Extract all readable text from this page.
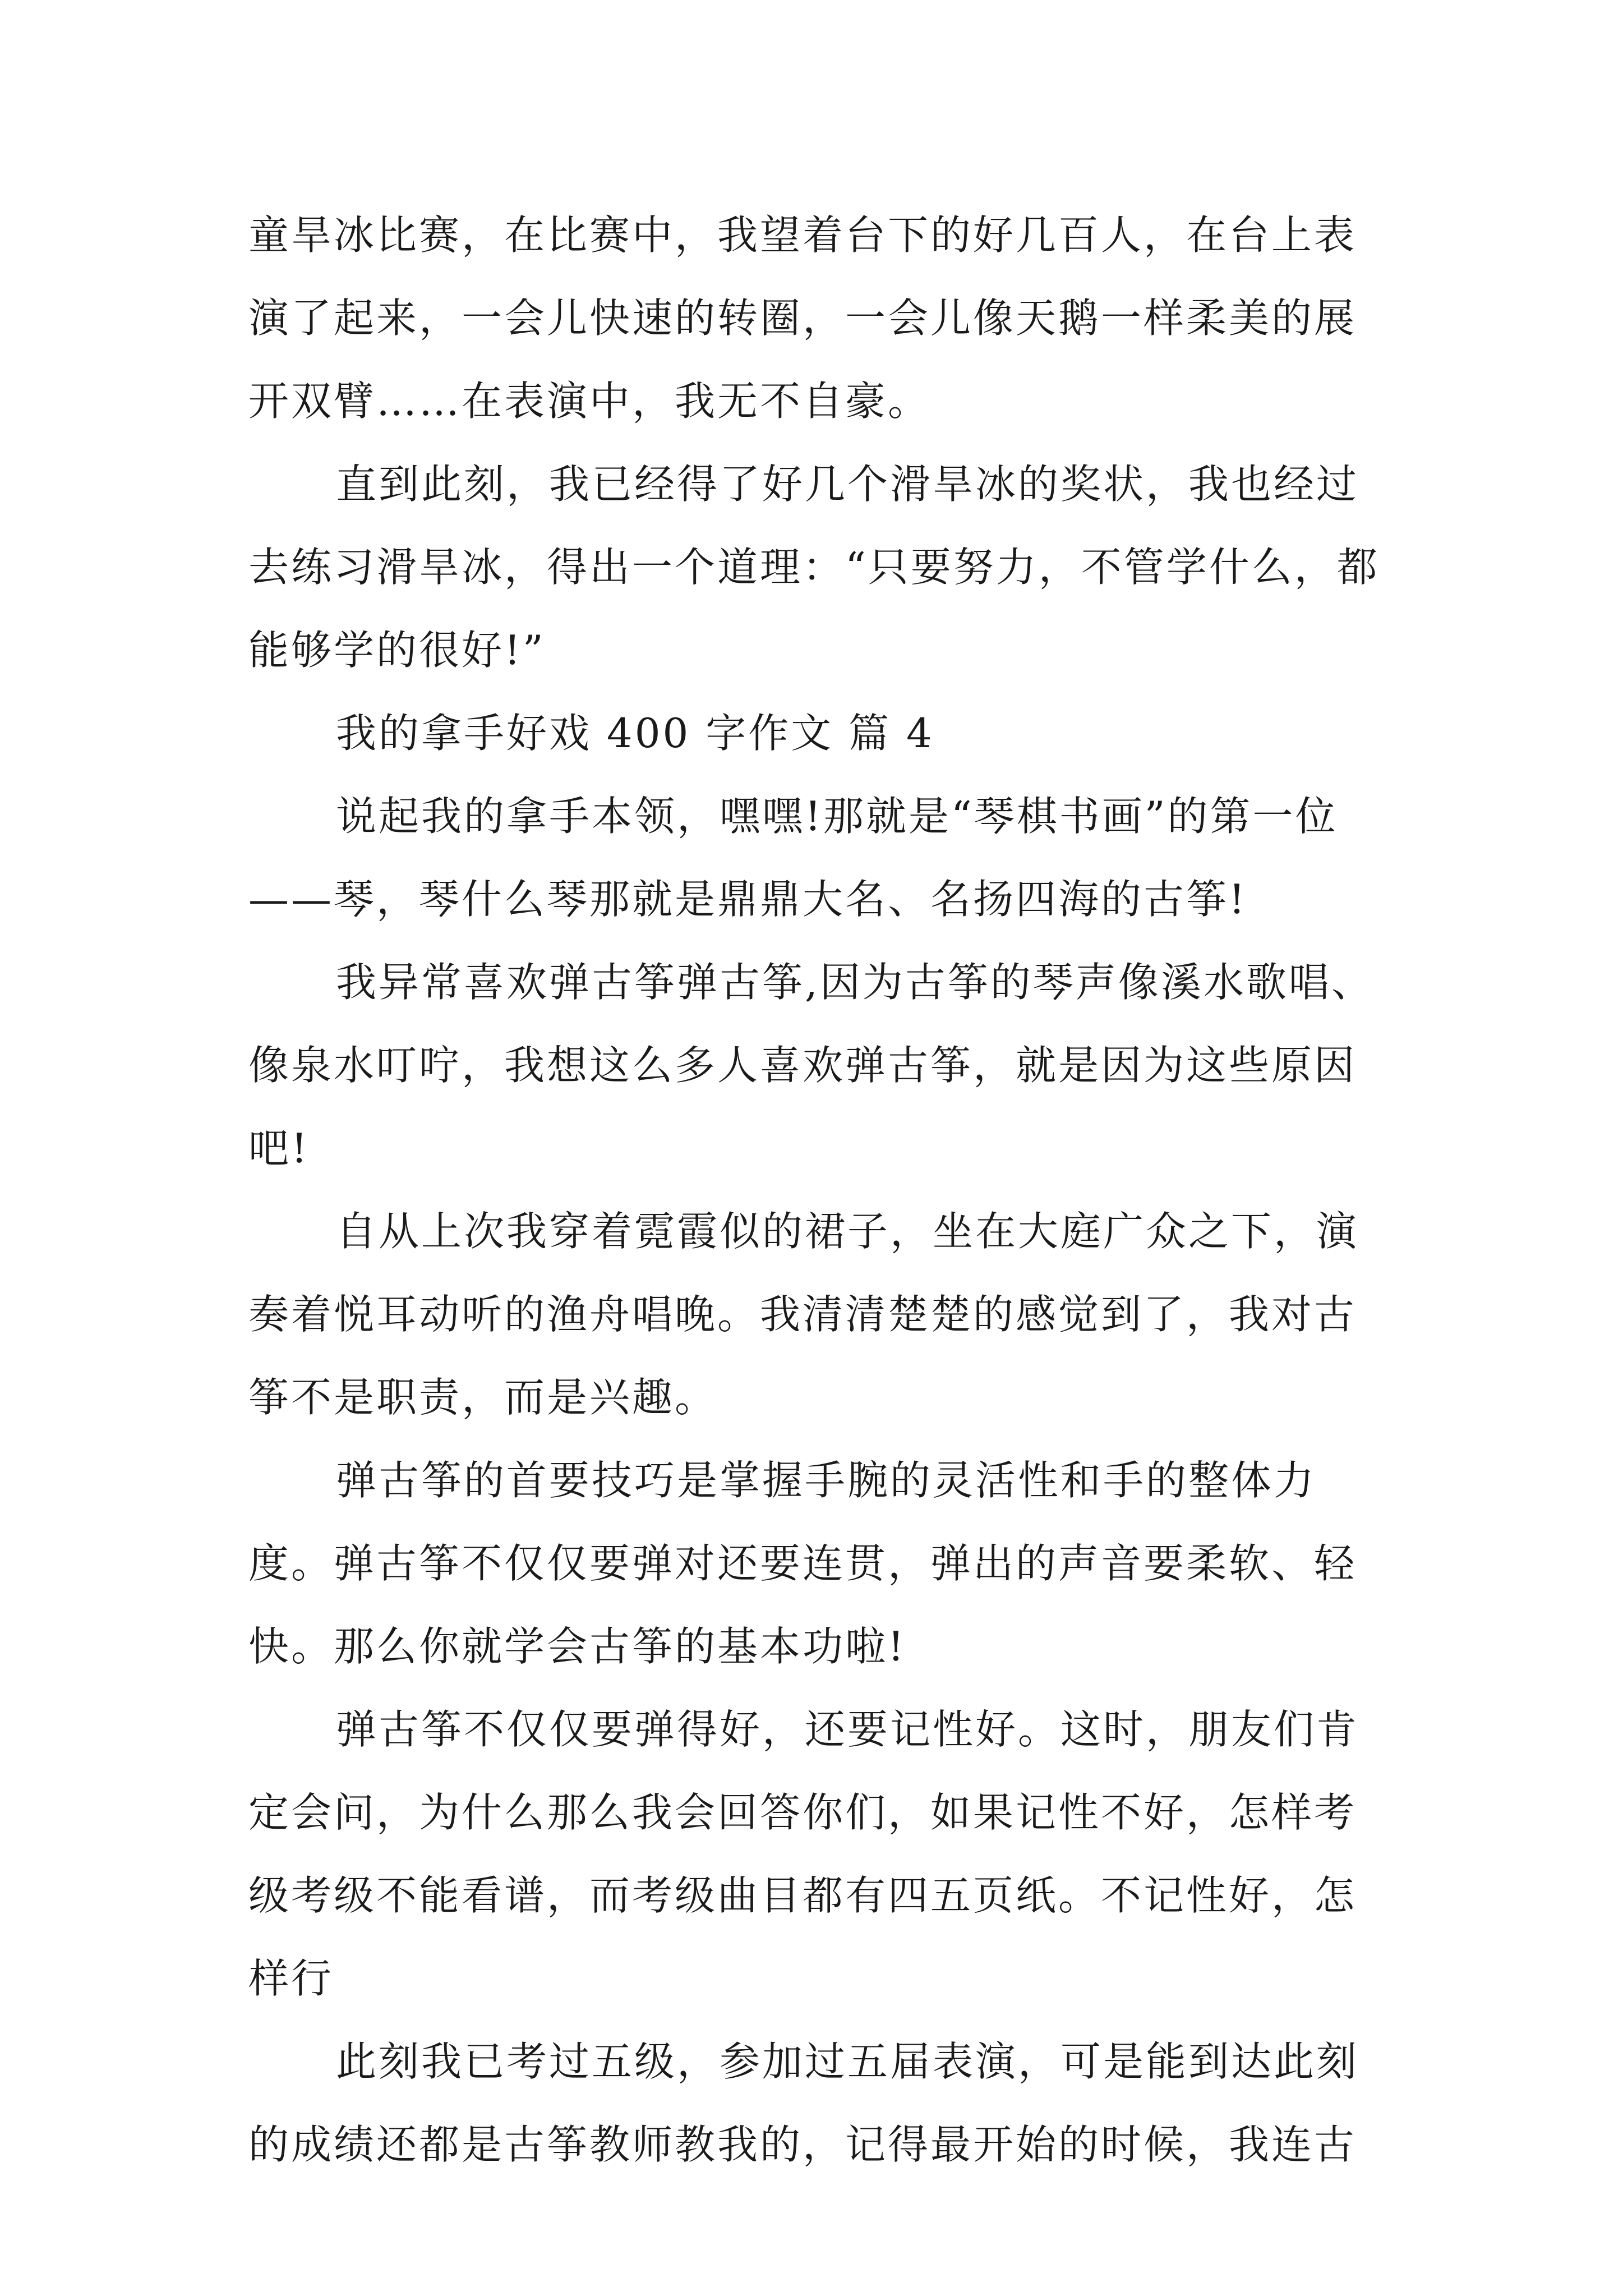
童旱冰比赛，在比赛中，我望着台下的好几百人，在台上表演了起来，一会儿快速的转圈，一会儿像天鹅一样柔美的展开双臂……在表演中，我无不自豪。

直到此刻，我已经得了好几个滑旱冰的奖状，我也经过去练习滑旱冰，得出一个道理：“只要努力，不管学什么，都能够学的很好!”

我的拿手好戏 400 字作文 篇 4

说起我的拿手本领，嘿嘿!那就是“琴棋书画”的第一位——琴，琴什么琴那就是鼎鼎大名、名扬四海的古筝!

我异常喜欢弹古筝弹古筝,因为古筝的琴声像溪水歌唱、像泉水叮咛，我想这么多人喜欢弹古筝，就是因为这些原因吧!

自从上次我穿着霓霞似的裙子，坐在大庭广众之下，演奏着悦耳动听的渔舟唱晚。我清清楚楚的感觉到了，我对古筝不是职责，而是兴趣。

弹古筝的首要技巧是掌握手腕的灵活性和手的整体力度。弹古筝不仅仅要弹对还要连贯，弹出的声音要柔软、轻快。那么你就学会古筝的基本功啦!

弹古筝不仅仅要弹得好，还要记性好。这时，朋友们肯定会问，为什么那么我会回答你们，如果记性不好，怎样考级考级不能看谱，而考级曲目都有四五页纸。不记性好，怎样行

此刻我已考过五级，参加过五届表演，可是能到达此刻的成绩还都是古筝教师教我的，记得最开始的时候，我连古
